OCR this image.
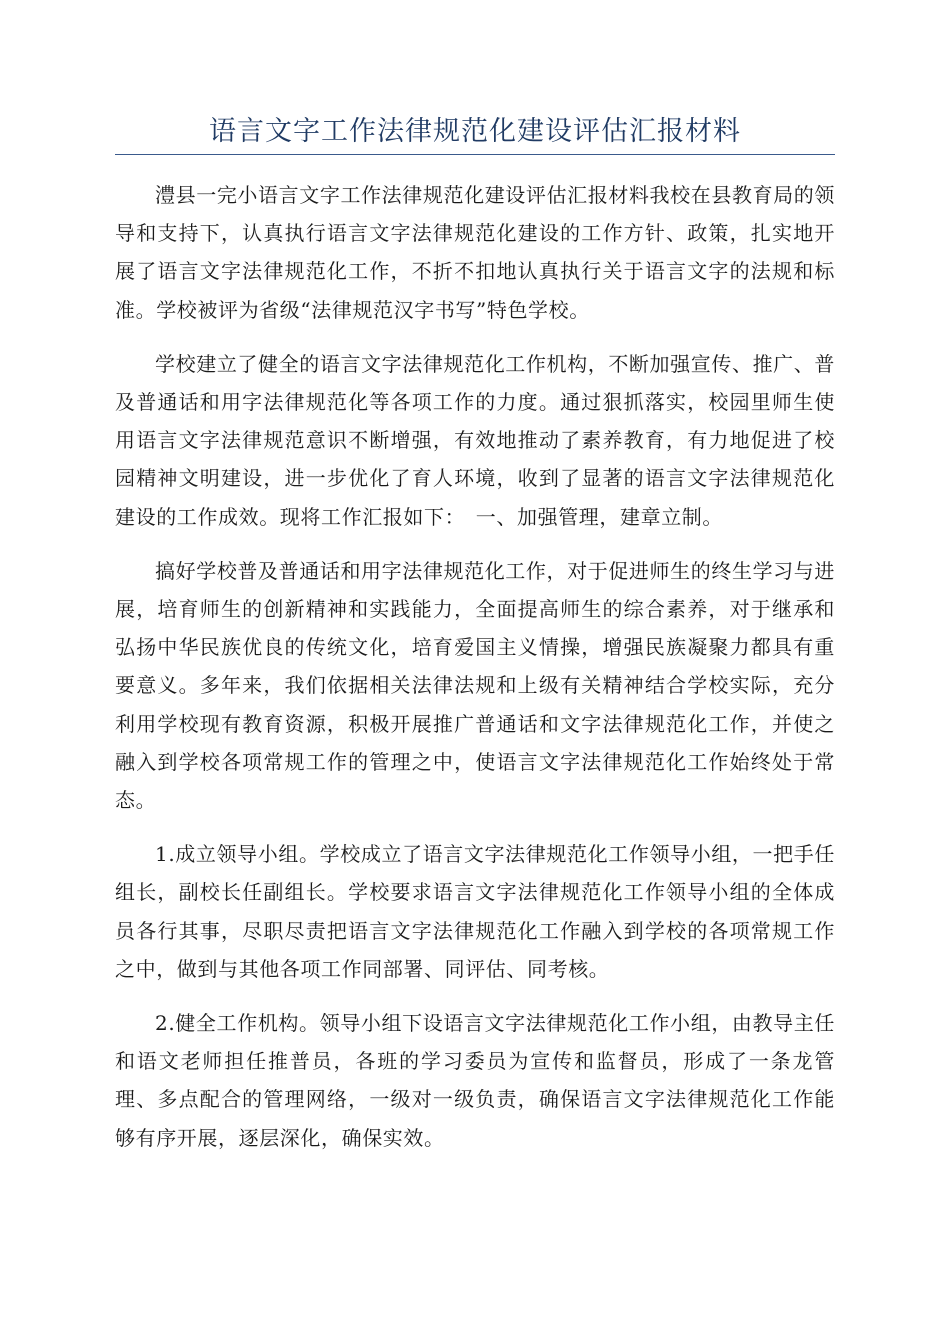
语言文字工作法律规范化建设评估汇报材料

澧县一完小语言文字工作法律规范化建设评估汇报材料我校在县教育局的领导和支持下，认真执行语言文字法律规范化建设的工作方针、政策，扎实地开展了语言文字法律规范化工作，不折不扣地认真执行关于语言文字的法规和标准。学校被评为省级“法律规范汉字书写”特色学校。

学校建立了健全的语言文字法律规范化工作机构，不断加强宣传、推广、普及普通话和用字法律规范化等各项工作的力度。通过狠抓落实，校园里师生使用语言文字法律规范意识不断增强，有效地推动了素养教育，有力地促进了校园精神文明建设，进一步优化了育人环境，收到了显著的语言文字法律规范化建设的工作成效。现将工作汇报如下：　一、加强管理，建章立制。

搞好学校普及普通话和用字法律规范化工作，对于促进师生的终生学习与进展，培育师生的创新精神和实践能力，全面提高师生的综合素养，对于继承和弘扬中华民族优良的传统文化，培育爱国主义情操，增强民族凝聚力都具有重要意义。多年来，我们依据相关法律法规和上级有关精神结合学校实际，充分利用学校现有教育资源，积极开展推广普通话和文字法律规范化工作，并使之融入到学校各项常规工作的管理之中，使语言文字法律规范化工作始终处于常态。

1.成立领导小组。学校成立了语言文字法律规范化工作领导小组，一把手任组长，副校长任副组长。学校要求语言文字法律规范化工作领导小组的全体成员各行其事，尽职尽责把语言文字法律规范化工作融入到学校的各项常规工作之中，做到与其他各项工作同部署、同评估、同考核。

2.健全工作机构。领导小组下设语言文字法律规范化工作小组，由教导主任和语文老师担任推普员，各班的学习委员为宣传和监督员，形成了一条龙管理、多点配合的管理网络，一级对一级负责，确保语言文字法律规范化工作能够有序开展，逐层深化，确保实效。
